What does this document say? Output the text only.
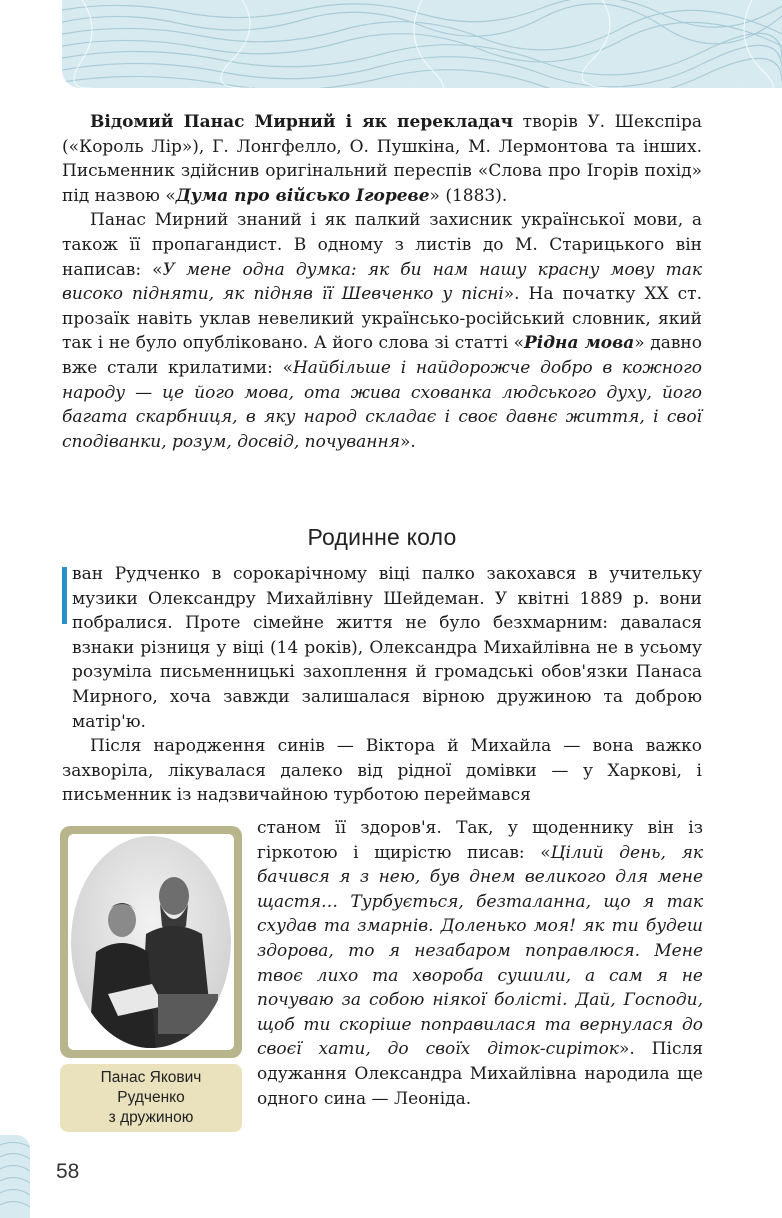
Відомий Панас Мирний і як перекладач творів У. Шекспіра («Король Лір»), Г. Лонгфелло, О. Пушкіна, М. Лермонтова та інших. Письменник здійснив оригінальний переспів «Слова про Ігорів похід» під назвою «Дума про військо Ігореве» (1883).

Панас Мирний знаний і як палкий захисник української мови, а також її пропагандист. В одному з листів до М. Старицького він написав: «У мене одна думка: як би нам нашу красну мову так високо підняти, як підняв її Шевченко у пісні». На початку ХХ ст. прозаїк навіть уклав невеликий українсько-російський словник, який так і не було опубліковано. А його слова зі статті «Рідна мова» давно вже стали крилатими: «Найбільше і найдорожче добро в кожного народу — це його мова, ота жива схованка людського духу, його багата скарбниця, в яку народ складає і своє давнє життя, і свої сподіванки, розум, досвід, почування».

Родинне коло

ван Рудченко в сорокарічному віці палко закохався в учительку музики Олександру Михайлівну Шейдеман. У квітні 1889 р. вони побралися. Проте сімейне життя не було безхмарним: давалася взнаки різниця у віці (14 років), Олександра Михайлівна не в усьому розуміла письменницькі захоплення й громадські обов'язки Панаса Мирного, хоча завжди залишалася вірною дружиною та доброю матір'ю.

Після народження синів — Віктора й Михайла — вона важко захворіла, лікувалася далеко від рідної домівки — у Харкові, і письменник із надзвичайною турботою переймався

Панас Якович
Рудченко
з дружиною

станом її здоров'я. Так, у щоденнику він із гіркотою і щирістю писав: «Цілий день, як бачився я з нею, був днем великого для мене щастя… Турбується, безталанна, що я так схудав та змарнів. Доленько моя! як ти будеш здорова, то я незабаром поправлюся. Мене твоє лихо та хвороба сушили, а сам я не почуваю за собою ніякої болісті. Дай, Господи, щоб ти скоріше поправилася та вернулася до своєї хати, до своїх діток-сиріток». Після одужання Олександра Михайлівна народила ще одного сина — Леоніда.

58
